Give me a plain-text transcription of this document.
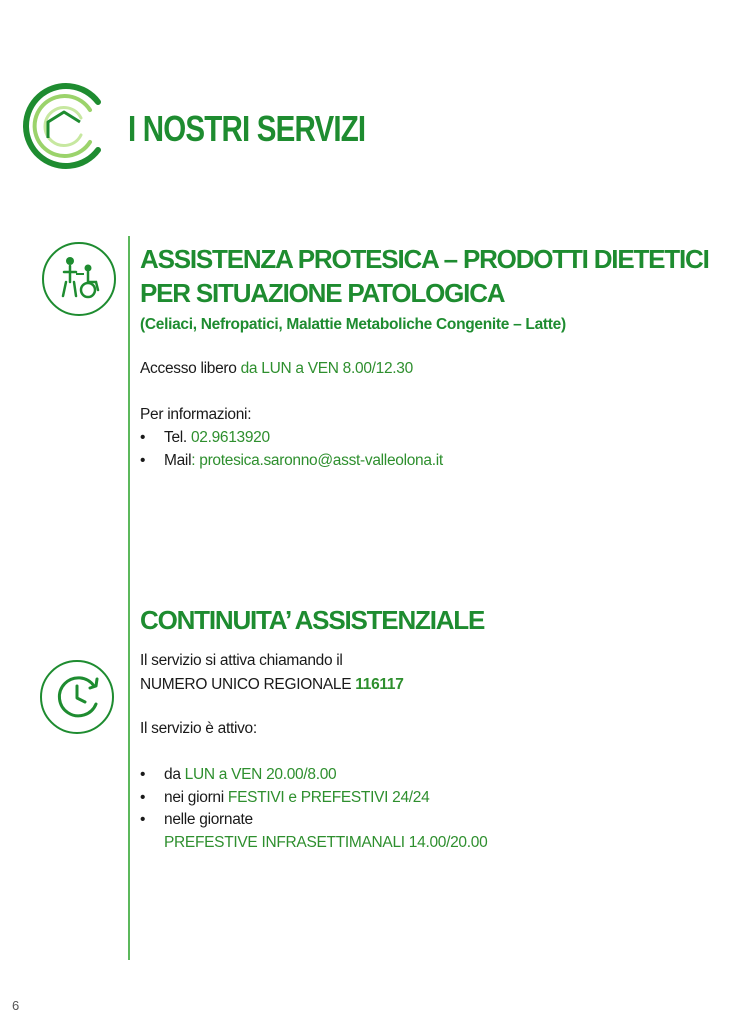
I NOSTRI SERVIZI
ASSISTENZA PROTESICA – PRODOTTI DIETETICI
PER SITUAZIONE PATOLOGICA
(Celiaci, Nefropatici, Malattie Metaboliche Congenite – Latte)
Accesso libero da LUN a VEN 8.00/12.30
Per informazioni:
• Tel. 02.9613920
• Mail: protesica.saronno@asst-valleolona.it
CONTINUITA’ ASSISTENZIALE
Il servizio si attiva chiamando il
NUMERO UNICO REGIONALE 116117
Il servizio è attivo:
• da LUN a VEN 20.00/8.00
• nei giorni FESTIVI e PREFESTIVI 24/24
• nelle giornate
PREFESTIVE INFRASETTIMANALI 14.00/20.00
6
